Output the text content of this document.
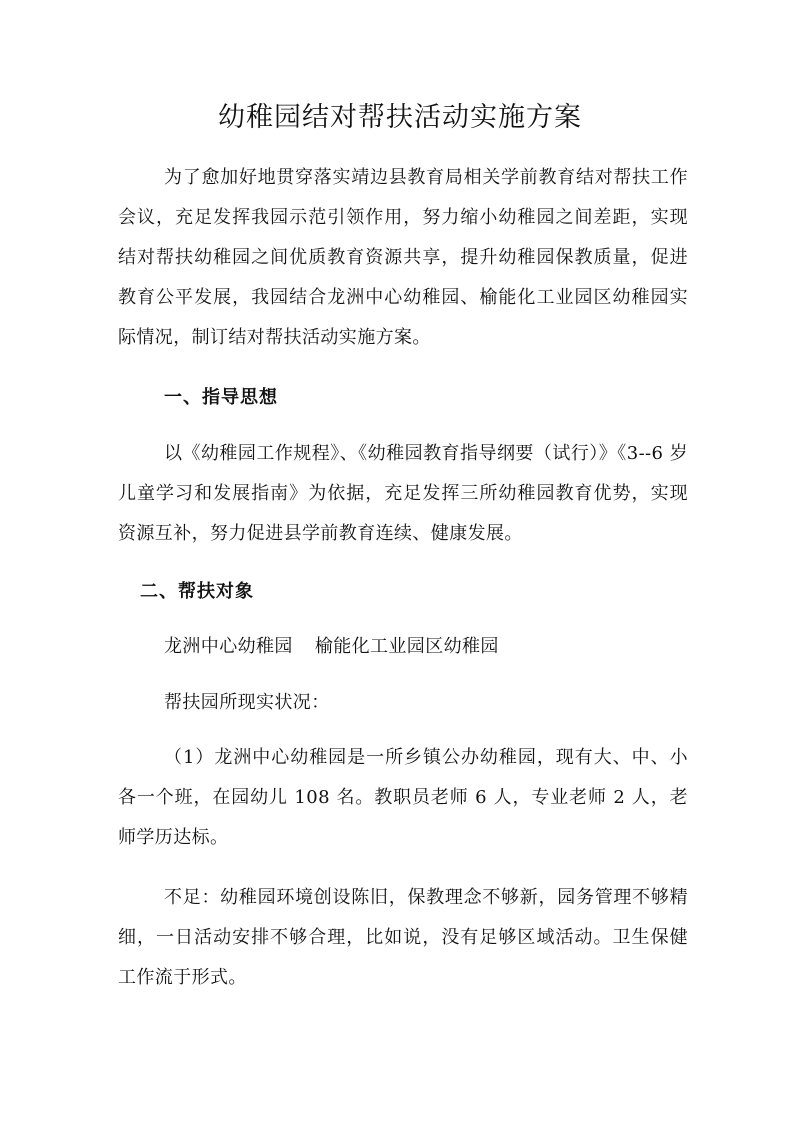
幼稚园结对帮扶活动实施方案

为了愈加好地贯穿落实靖边县教育局相关学前教育结对帮扶工作会议，充足发挥我园示范引领作用，努力缩小幼稚园之间差距，实现结对帮扶幼稚园之间优质教育资源共享，提升幼稚园保教质量，促进教育公平发展，我园结合龙洲中心幼稚园、榆能化工业园区幼稚园实际情况，制订结对帮扶活动实施方案。

一、指导思想

以《幼稚园工作规程》、《幼稚园教育指导纲要（试行）》《3--6 岁儿童学习和发展指南》为依据，充足发挥三所幼稚园教育优势，实现资源互补，努力促进县学前教育连续、健康发展。

二、帮扶对象
龙洲中心幼稚园 榆能化工业园区幼稚园
帮扶园所现实状况：

（1）龙洲中心幼稚园是一所乡镇公办幼稚园，现有大、中、小各一个班，在园幼儿 108 名。教职员老师 6 人，专业老师 2 人，老师学历达标。

不足：幼稚园环境创设陈旧，保教理念不够新，园务管理不够精细，一日活动安排不够合理，比如说，没有足够区域活动。卫生保健工作流于形式。
